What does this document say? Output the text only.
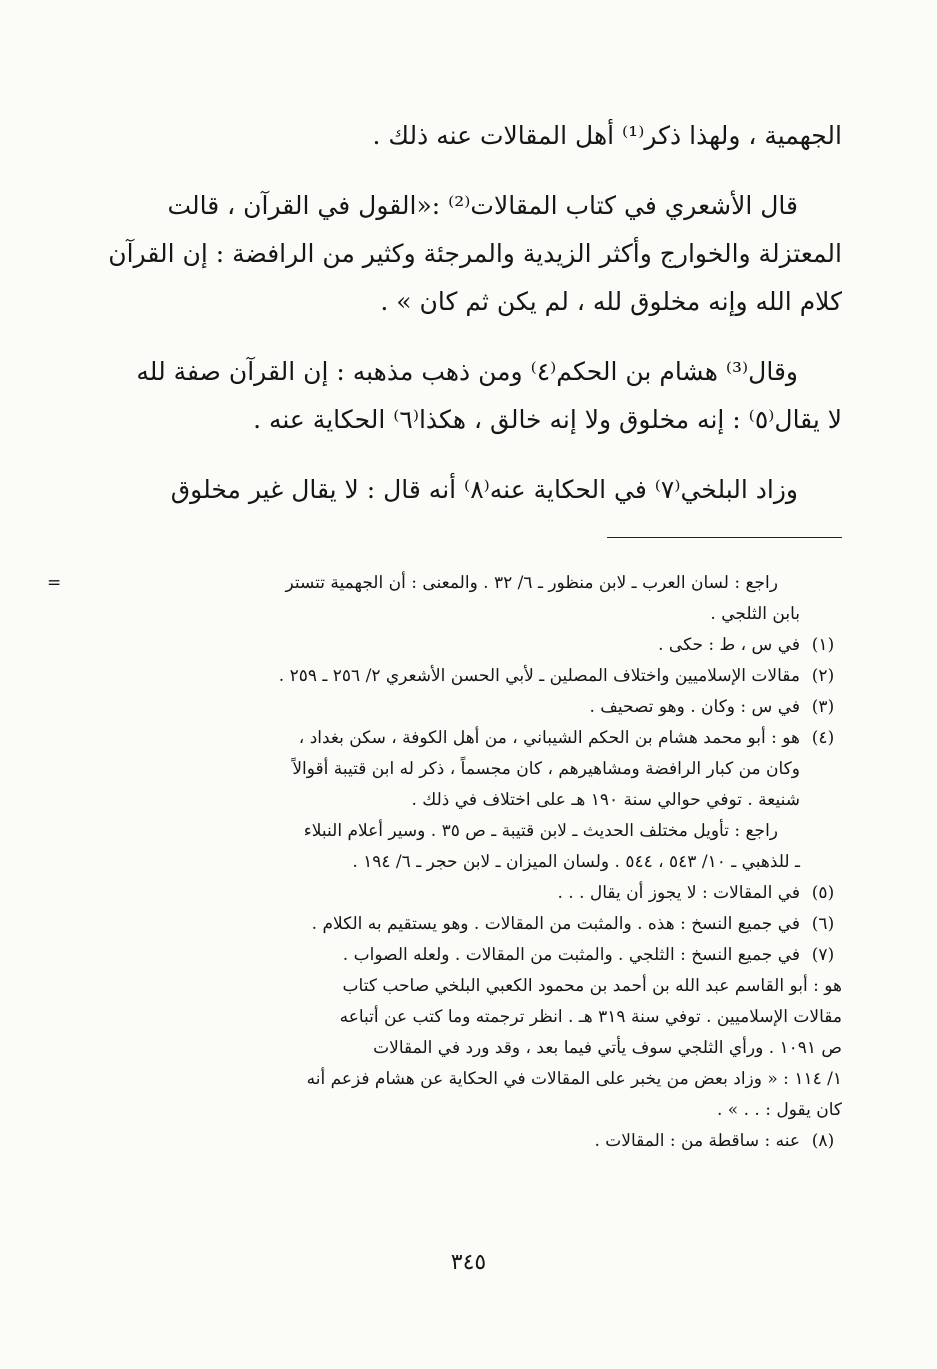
الجهمية ، ولهذا ذكر⁽¹⁾ أهل المقالات عنه ذلك .
قال الأشعري في كتاب المقالات⁽²⁾ :«القول في القرآن ، قالت
المعتزلة والخوارج وأكثر الزيدية والمرجئة وكثير من الرافضة : إن القرآن
كلام الله وإنه مخلوق لله ، لم يكن ثم كان » .
وقال⁽³⁾ هشام بن الحكم⁽٤⁾ ومن ذهب مذهبه : إن القرآن صفة لله
لا يقال⁽٥⁾ : إنه مخلوق ولا إنه خالق ، هكذا⁽٦⁾ الحكاية عنه .
وزاد البلخي⁽٧⁾ في الحكاية عنه⁽٨⁾ أنه قال : لا يقال غير مخلوق
=	راجع : لسان العرب ـ لابن منظور ـ ٦/ ٣٢ . والمعنى : أن الجهمية تتستر
بابن الثلجي .
(١)
في س ، ط : حكى .
(٢)
مقالات الإسلاميين واختلاف المصلين ـ لأبي الحسن الأشعري ٢/ ٢٥٦ ـ ٢٥٩ .
(٣)
في س : وكان . وهو تصحيف .
(٤)
هو : أبو محمد هشام بن الحكم الشيباني ، من أهل الكوفة ، سكن بغداد ،
وكان من كبار الرافضة ومشاهيرهم ، كان مجسماً ، ذكر له ابن قتيبة أقوالاً
شنيعة . توفي حوالي سنة ١٩٠ هـ على اختلاف في ذلك .
راجع : تأويل مختلف الحديث ـ لابن قتيبة ـ ص ٣٥ . وسير أعلام النبلاء
ـ للذهبي ـ ١٠/ ٥٤٣ ، ٥٤٤ . ولسان الميزان ـ لابن حجر ـ ٦/ ١٩٤ .
(٥)
في المقالات : لا يجوز أن يقال . . .
(٦)
في جميع النسخ : هذه . والمثبت من المقالات . وهو يستقيم به الكلام .
(٧)
في جميع النسخ : الثلجي . والمثبت من المقالات . ولعله الصواب .
هو : أبو القاسم عبد الله بن أحمد بن محمود الكعبي البلخي صاحب كتاب
مقالات الإسلاميين . توفي سنة ٣١٩ هـ . انظر ترجمته وما كتب عن أتباعه
ص ١٠٩١ . ورأي الثلجي سوف يأتي فيما بعد ، وقد ورد في المقالات
١/ ١١٤ : « وزاد بعض من يخبر على المقالات في الحكاية عن هشام فزعم أنه
كان يقول : . . » .
(٨)
عنه : ساقطة من : المقالات .
٣٤٥
